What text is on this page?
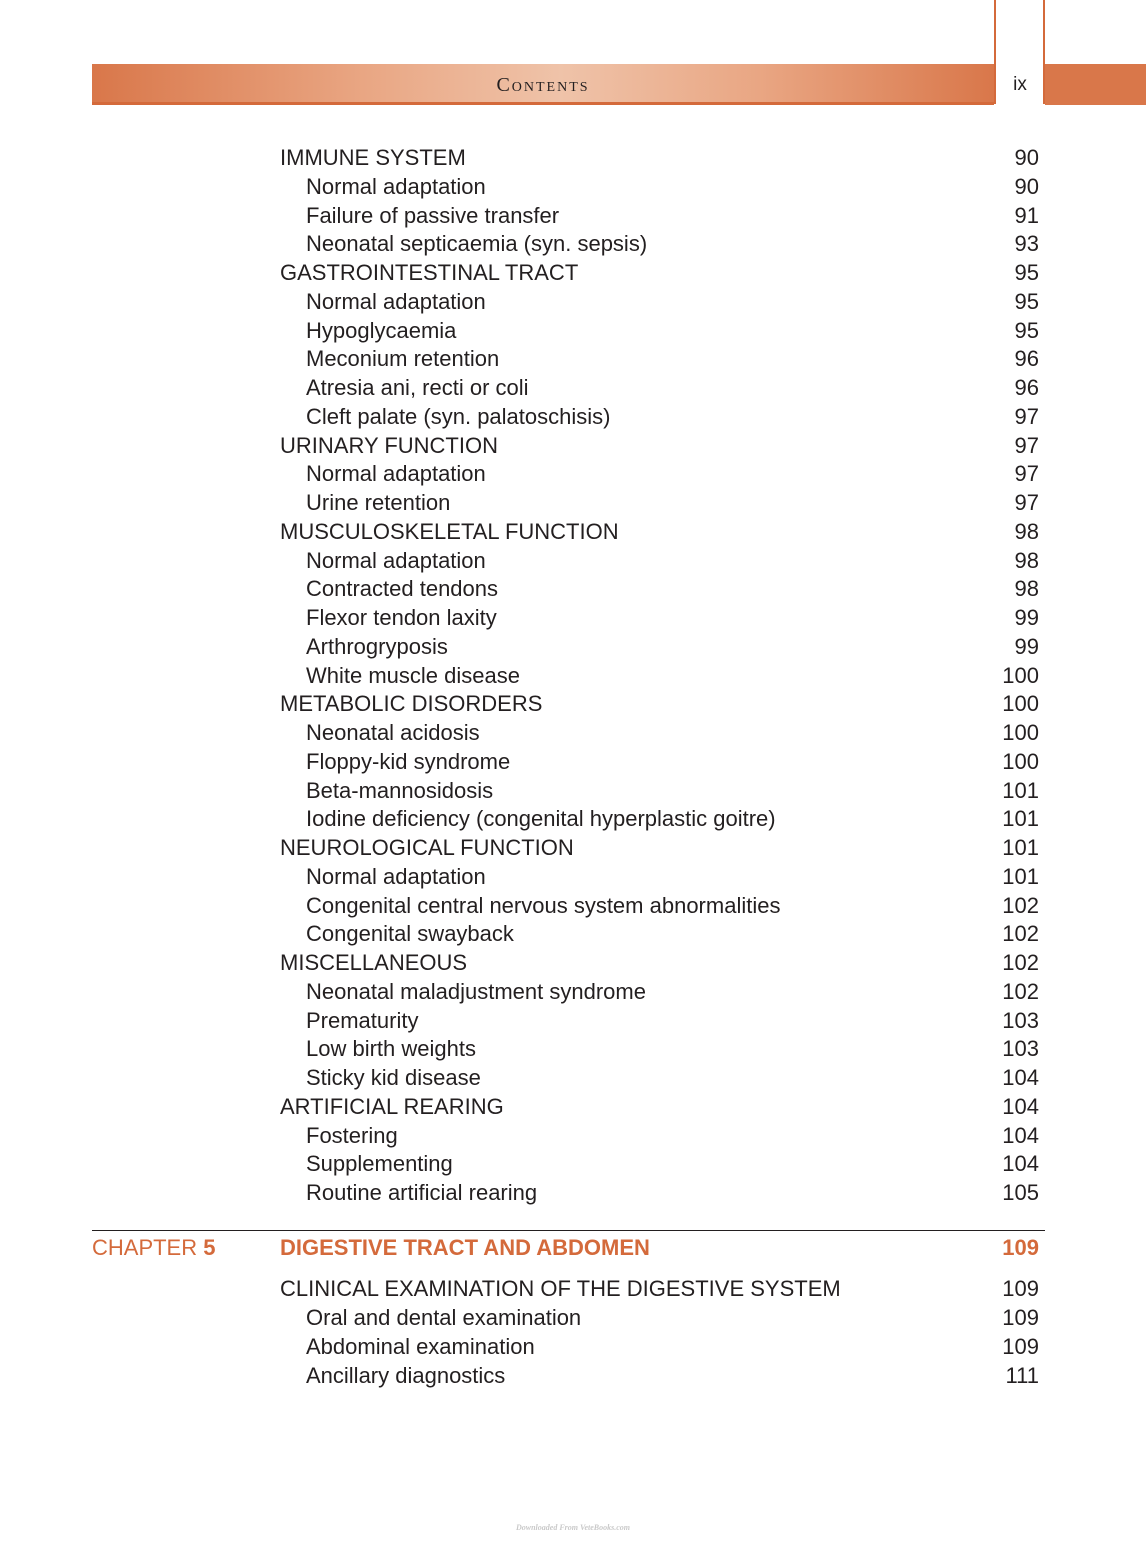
Contents	ix
IMMUNE SYSTEM	90
Normal adaptation	90
Failure of passive transfer	91
Neonatal septicaemia (syn. sepsis)	93
GASTROINTESTINAL TRACT	95
Normal adaptation	95
Hypoglycaemia	95
Meconium retention	96
Atresia ani, recti or coli	96
Cleft palate (syn. palatoschisis)	97
URINARY FUNCTION	97
Normal adaptation	97
Urine retention	97
MUSCULOSKELETAL FUNCTION	98
Normal adaptation	98
Contracted tendons	98
Flexor tendon laxity	99
Arthrogryposis	99
White muscle disease	100
METABOLIC DISORDERS	100
Neonatal acidosis	100
Floppy-kid syndrome	100
Beta-mannosidosis	101
Iodine deficiency (congenital hyperplastic goitre)	101
NEUROLOGICAL FUNCTION	101
Normal adaptation	101
Congenital central nervous system abnormalities	102
Congenital swayback	102
MISCELLANEOUS	102
Neonatal maladjustment syndrome	102
Prematurity	103
Low birth weights	103
Sticky kid disease	104
ARTIFICIAL REARING	104
Fostering	104
Supplementing	104
Routine artificial rearing	105
CHAPTER 5	DIGESTIVE TRACT AND ABDOMEN	109
CLINICAL EXAMINATION OF THE DIGESTIVE SYSTEM	109
Oral and dental examination	109
Abdominal examination	109
Ancillary diagnostics	111
Downloaded From VeteBooks.com
